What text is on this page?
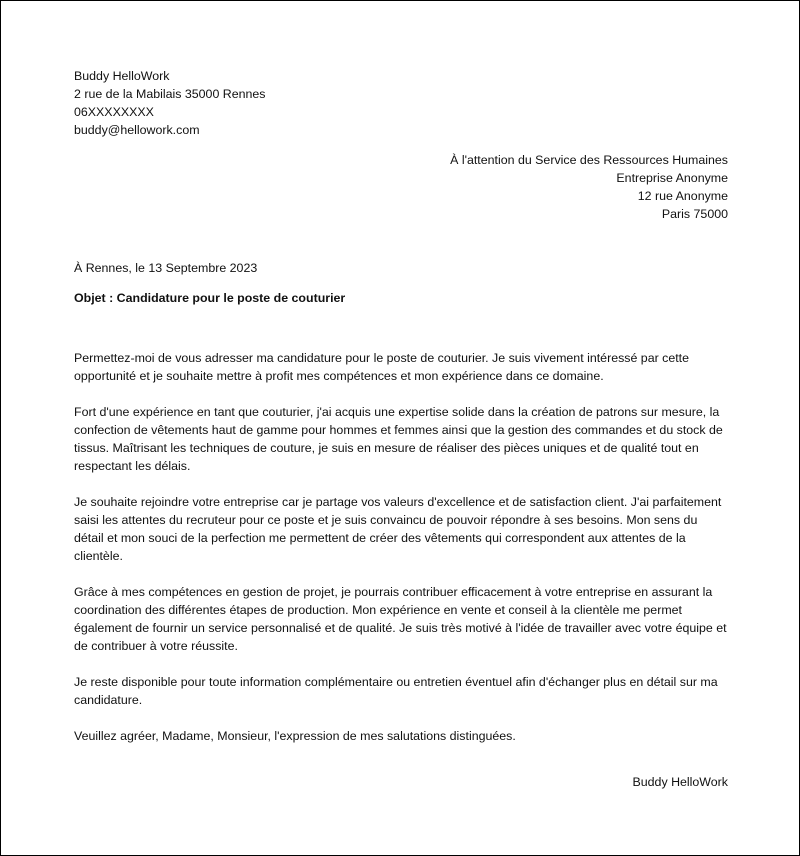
Buddy HelloWork
2 rue de la Mabilais 35000 Rennes
06XXXXXXXX
buddy@hellowork.com
À l'attention du Service des Ressources Humaines
Entreprise Anonyme
12 rue Anonyme
Paris 75000
À Rennes, le 13 Septembre 2023
Objet : Candidature pour le poste de couturier

Permettez-moi de vous adresser ma candidature pour le poste de couturier. Je suis vivement intéressé par cette opportunité et je souhaite mettre à profit mes compétences et mon expérience dans ce domaine.

Fort d'une expérience en tant que couturier, j'ai acquis une expertise solide dans la création de patrons sur mesure, la confection de vêtements haut de gamme pour hommes et femmes ainsi que la gestion des commandes et du stock de tissus. Maîtrisant les techniques de couture, je suis en mesure de réaliser des pièces uniques et de qualité tout en respectant les délais.

Je souhaite rejoindre votre entreprise car je partage vos valeurs d'excellence et de satisfaction client. J'ai parfaitement saisi les attentes du recruteur pour ce poste et je suis convaincu de pouvoir répondre à ses besoins. Mon sens du détail et mon souci de la perfection me permettent de créer des vêtements qui correspondent aux attentes de la clientèle.

Grâce à mes compétences en gestion de projet, je pourrais contribuer efficacement à votre entreprise en assurant la coordination des différentes étapes de production. Mon expérience en vente et conseil à la clientèle me permet également de fournir un service personnalisé et de qualité. Je suis très motivé à l'idée de travailler avec votre équipe et de contribuer à votre réussite.

Je reste disponible pour toute information complémentaire ou entretien éventuel afin d'échanger plus en détail sur ma candidature.

Veuillez agréer, Madame, Monsieur, l'expression de mes salutations distinguées.

Buddy HelloWork
